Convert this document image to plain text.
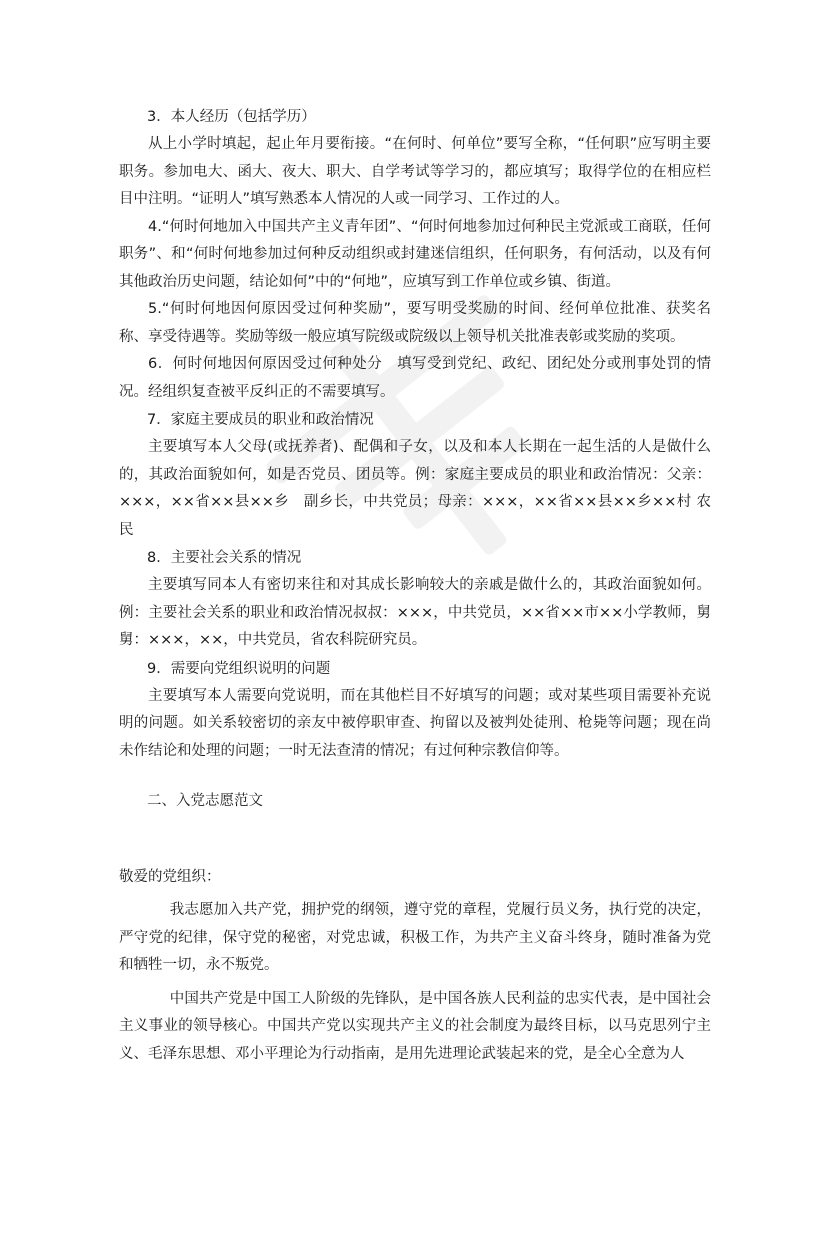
3．本人经历（包括学历）

从上小学时填起，起止年月要衔接。“在何时、何单位”要写全称，“任何职”应写明主要职务。参加电大、函大、夜大、职大、自学考试等学习的，都应填写；取得学位的在相应栏目中注明。“证明人”填写熟悉本人情况的人或一同学习、工作过的人。

4.“何时何地加入中国共产主义青年团”、“何时何地参加过何种民主党派或工商联，任何职务”、和“何时何地参加过何种反动组织或封建迷信组织，任何职务，有何活动，以及有何其他政治历史问题，结论如何”中的“何地”，应填写到工作单位或乡镇、街道。

5.“何时何地因何原因受过何种奖励”，要写明受奖励的时间、经何单位批准、获奖名称、享受待遇等。奖励等级一般应填写院级或院级以上领导机关批准表彰或奖励的奖项。

6．何时何地因何原因受过何种处分　填写受到党纪、政纪、团纪处分或刑事处罚的情况。经组织复查被平反纠正的不需要填写。

7．家庭主要成员的职业和政治情况

主要填写本人父母(或抚养者)、配偶和子女，以及和本人长期在一起生活的人是做什么的，其政治面貌如何，如是否党员、团员等。例：家庭主要成员的职业和政治情况：父亲：×××，××省××县××乡　副乡长，中共党员；母亲：×××，××省××县××乡××村 农民

8．主要社会关系的情况

主要填写同本人有密切来往和对其成长影响较大的亲戚是做什么的，其政治面貌如何。例：主要社会关系的职业和政治情况叔叔：×××，中共党员，××省××市××小学教师，舅舅：×××，××，中共党员，省农科院研究员。

9．需要向党组织说明的问题

主要填写本人需要向党说明，而在其他栏目不好填写的问题；或对某些项目需要补充说明的问题。如关系较密切的亲友中被停职审查、拘留以及被判处徒刑、枪毙等问题；现在尚未作结论和处理的问题；一时无法查清的情况；有过何种宗教信仰等。

二、入党志愿范文

敬爱的党组织：

我志愿加入共产党，拥护党的纲领，遵守党的章程，党履行员义务，执行党的决定，严守党的纪律，保守党的秘密，对党忠诚，积极工作，为共产主义奋斗终身，随时准备为党和牺牲一切，永不叛党。

中国共产党是中国工人阶级的先锋队，是中国各族人民利益的忠实代表，是中国社会主义事业的领导核心。中国共产党以实现共产主义的社会制度为最终目标，以马克思列宁主义、毛泽东思想、邓小平理论为行动指南，是用先进理论武装起来的党，是全心全意为人
